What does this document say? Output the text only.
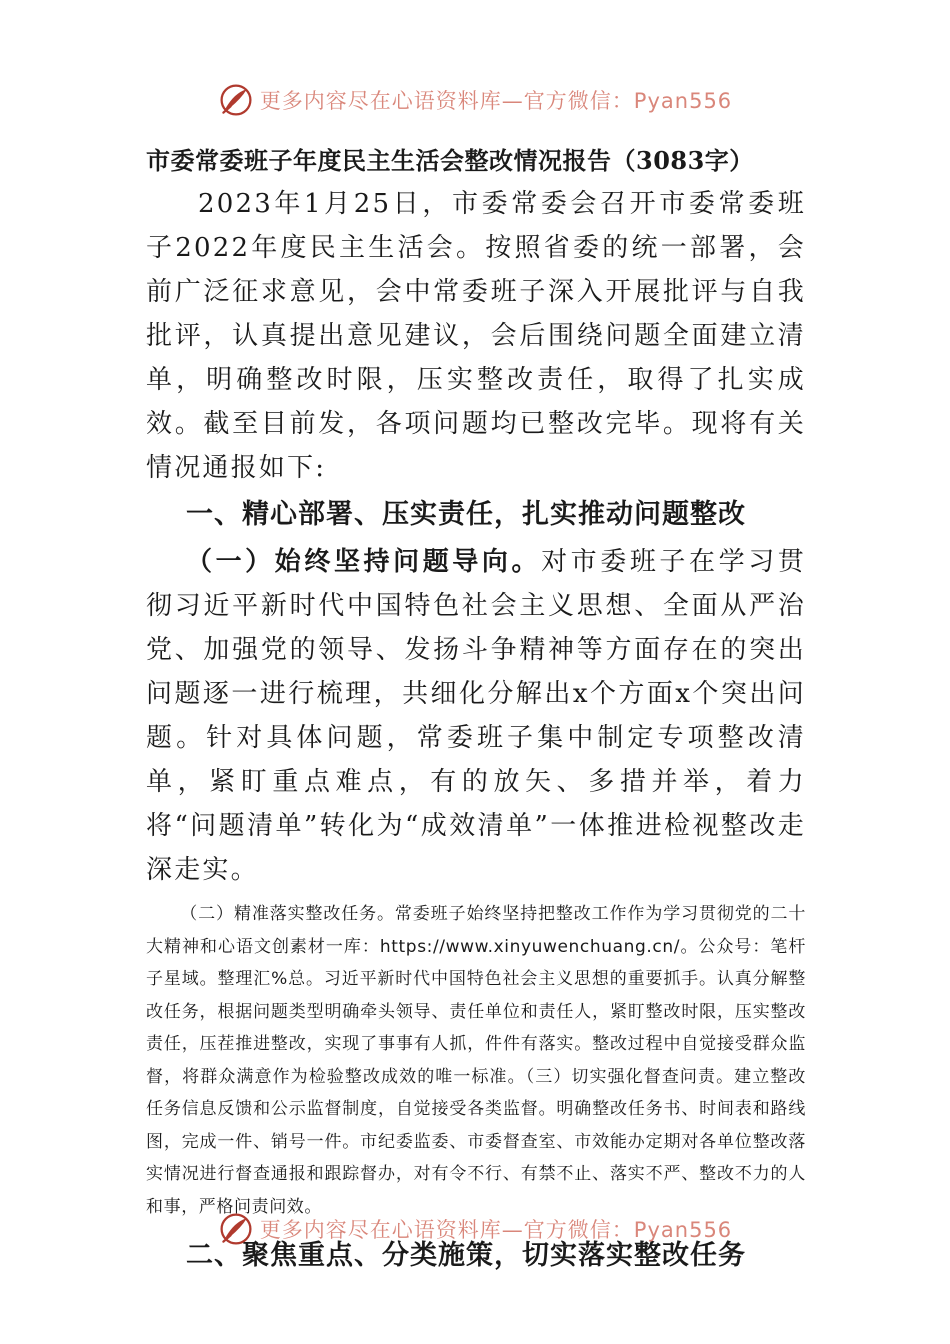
更多内容尽在心语资料库—官方微信：Pyan556
市委常委班子年度民主生活会整改情况报告（3083字）

2023年1月25日，市委常委会召开市委常委班子2022年度民主生活会。按照省委的统一部署，会前广泛征求意见，会中常委班子深入开展批评与自我批评，认真提出意见建议，会后围绕问题全面建立清单，明确整改时限，压实整改责任，取得了扎实成效。截至目前发，各项问题均已整改完毕。现将有关情况通报如下:

一、精心部署、压实责任，扎实推动问题整改

（一）始终坚持问题导向。对市委班子在学习贯彻习近平新时代中国特色社会主义思想、全面从严治党、加强党的领导、发扬斗争精神等方面存在的突出问题逐一进行梳理，共细化分解出x个方面x个突出问题。针对具体问题，常委班子集中制定专项整改清单，紧盯重点难点，有的放矢、多措并举，着力将“问题清单”转化为“成效清单”一体推进检视整改走深走实。

（二）精准落实整改任务。常委班子始终坚持把整改工作作为学习贯彻党的二十大精神和心语文创素材一库：https://www.xinyuwenchuang.cn/。公众号：笔杆子星域。整理汇%总。习近平新时代中国特色社会主义思想的重要抓手。认真分解整改任务，根据问题类型明确牵头领导、责任单位和责任人，紧盯整改时限，压实整改责任，压茬推进整改，实现了事事有人抓，件件有落实。整改过程中自觉接受群众监督，将群众满意作为检验整改成效的唯一标准。（三）切实强化督查问责。建立整改任务信息反馈和公示监督制度，自觉接受各类监督。明确整改任务书、时间表和路线图，完成一件、销号一件。市纪委监委、市委督查室、市效能办定期对各单位整改落实情况进行督查通报和跟踪督办，对有令不行、有禁不止、落实不严、整改不力的人和事，严格问责问效。

二、聚焦重点、分类施策，切实落实整改任务
更多内容尽在心语资料库—官方微信：Pyan556
